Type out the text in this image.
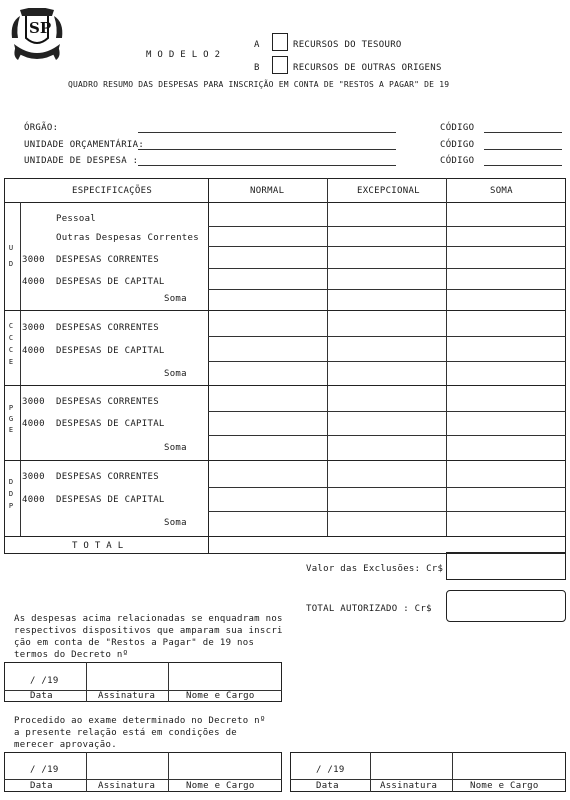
SP
M O D E L O 2
A	RECURSOS DO TESOURO
B	RECURSOS DE OUTRAS ORIGENS
QUADRO RESUMO DAS DESPESAS PARA INSCRIÇÃO EM CONTA DE "RESTOS A PAGAR" DE 19
ÓRGÃO:	CÓDIGO
UNIDADE ORÇAMENTÁRIA:	CÓDIGO
UNIDADE DE DESPESA :	CÓDIGO
ESPECIFICAÇÕES	NORMAL	EXCEPCIONAL	SOMA
U
D
Pessoal
Outras Despesas Correntes
3000 DESPESAS CORRENTES
4000 DESPESAS DE CAPITAL
Soma
C
C
C
E
3000 DESPESAS CORRENTES
4000 DESPESAS DE CAPITAL
Soma
P
G
E
3000 DESPESAS CORRENTES
4000 DESPESAS DE CAPITAL
Soma
D
D
P
3000 DESPESAS CORRENTES
4000 DESPESAS DE CAPITAL
Soma
T O T A L
Valor das Exclusões: Cr$
TOTAL AUTORIZADO : Cr$
As despesas acima relacionadas se enquadram nos
respectivos dispositivos que amparam sua inscri
ção em conta de "Restos a Pagar" de 19 nos
termos do Decreto nº
/ /19
Data	Assinatura	Nome e Cargo
Procedido ao exame determinado no Decreto nº
a presente relação está em condições de
merecer aprovação.
/ /19
Data	Assinatura	Nome e Cargo
/ /19
Data	Assinatura	Nome e Cargo
